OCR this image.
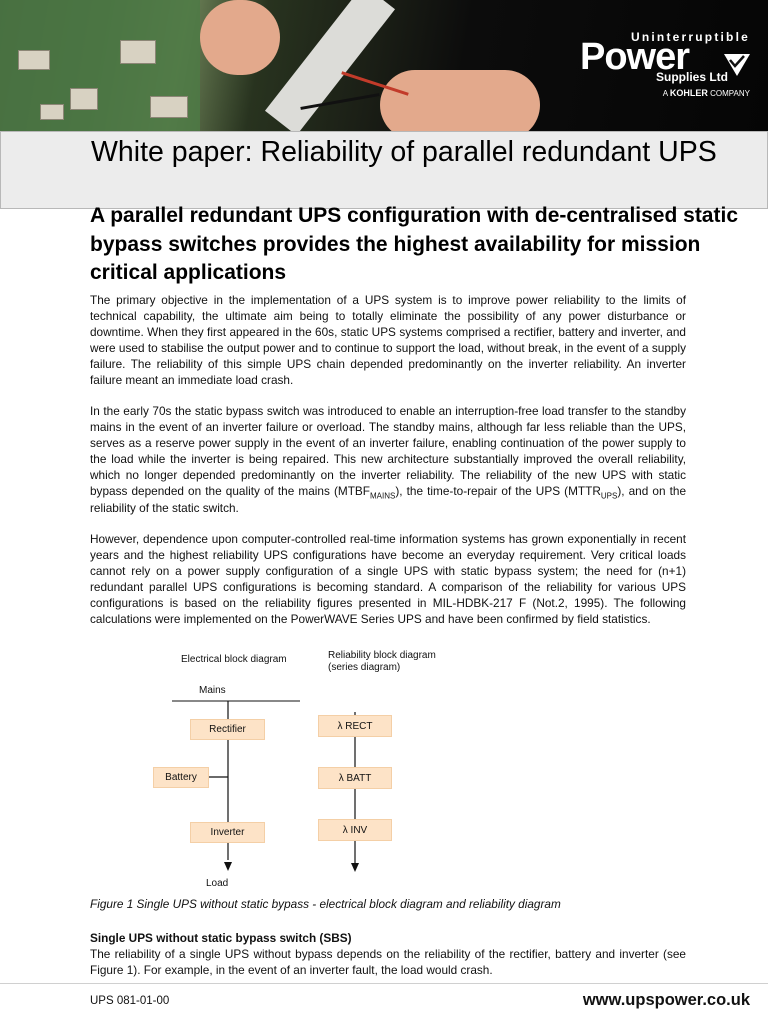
Uninterruptible
Power
Supplies Ltd
A KOHLER COMPANY
White paper: Reliability of parallel redundant UPS
A parallel redundant UPS configuration with de-centralised static bypass switches provides the highest availability for mission critical applications

The primary objective in the implementation of a UPS system is to improve power reliability to the limits of technical capability, the ultimate aim being to totally eliminate the possibility of any power disturbance or downtime. When they first appeared in the 60s, static UPS systems comprised a rectifier, battery and inverter, and were used to stabilise the output power and to continue to support the load, without break, in the event of a supply failure. The reliability of this simple UPS chain depended predominantly on the inverter reliability. An inverter failure meant an immediate load crash.

In the early 70s the static bypass switch was introduced to enable an interruption-free load transfer to the standby mains in the event of an inverter failure or overload. The standby mains, although far less reliable than the UPS, serves as a reserve power supply in the event of an inverter failure, enabling continuation of the power supply to the load while the inverter is being repaired. This new architecture substantially improved the overall reliability, which no longer depended predominantly on the inverter reliability. The reliability of the new UPS with static bypass depended on the quality of the mains $(MTBF_{MAINS})$, the time-to-repair of the UPS $(MTTR_{UPS})$, and on the reliability of the static switch.

However, dependence upon computer-controlled real-time information systems has grown exponentially in recent years and the highest reliability UPS configurations have become an everyday requirement. Very critical loads cannot rely on a power supply configuration of a single UPS with static bypass system; the need for (n+1) redundant parallel UPS configurations is becoming standard. A comparison of the reliability for various UPS configurations is based on the reliability figures presented in MIL-HDBK-217 F (Not.2, 1995). The following calculations were implemented on the PowerWAVE Series UPS and have been confirmed by field statistics.

Electrical block diagram	Reliability block diagram
(series diagram)
Mains
Rectifier
Battery
Inverter
Load
λ RECT
λ BATT
λ INV
Figure 1 Single UPS without static bypass - electrical block diagram and reliability diagram
Single UPS without static bypass switch (SBS)

The reliability of a single UPS without bypass depends on the reliability of the rectifier, battery and inverter (see Figure 1). For example, in the event of an inverter fault, the load would crash.

UPS 081-01-00	www.upspower.co.uk
